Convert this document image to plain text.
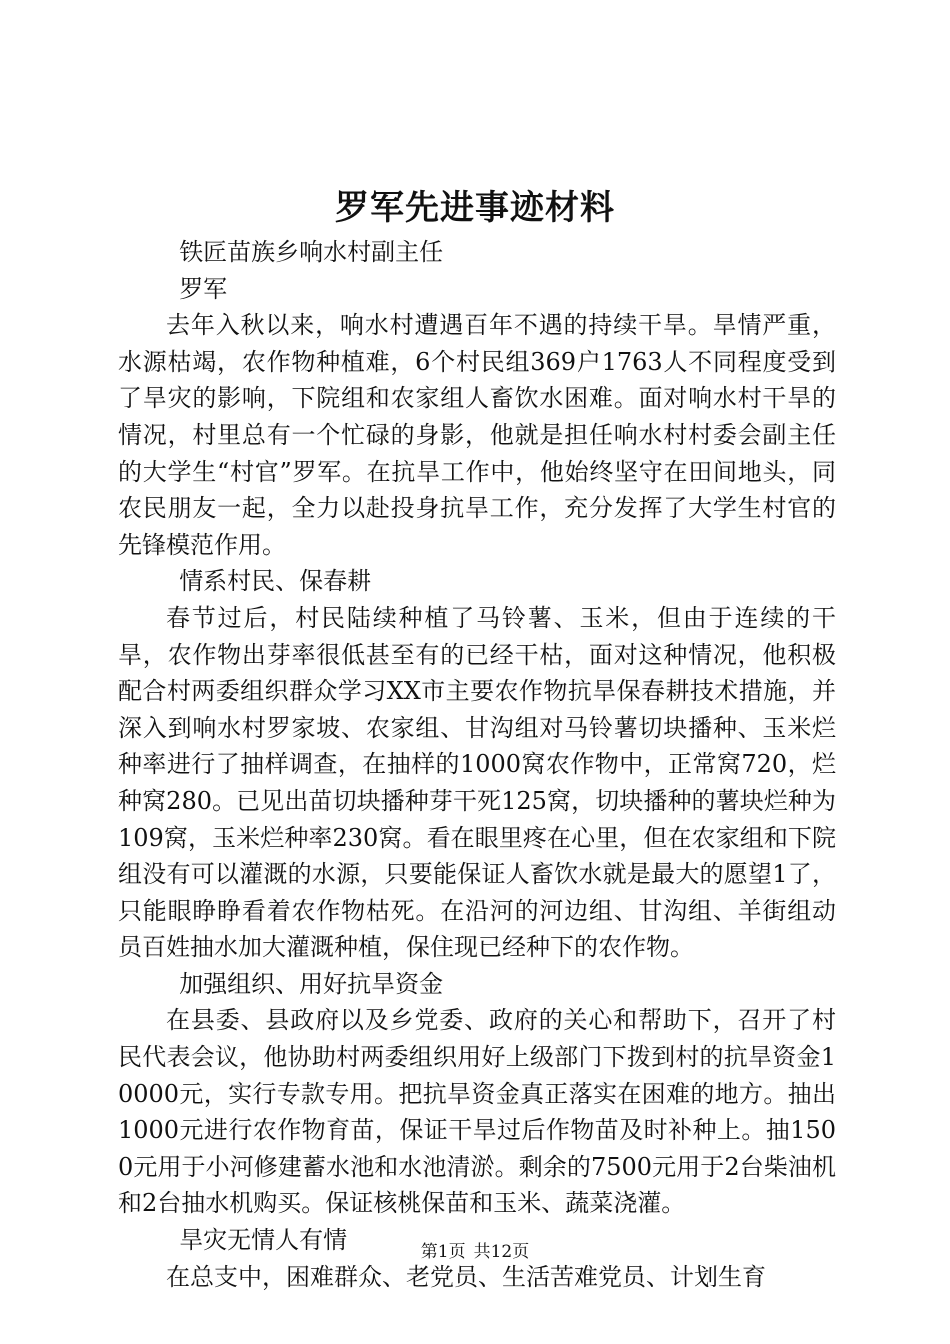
罗军先进事迹材料

铁匠苗族乡响水村副主任

罗军

去年入秋以来，响水村遭遇百年不遇的持续干旱。旱情严重，水源枯竭，农作物种植难，6个村民组369户1763人不同程度受到了旱灾的影响，下院组和农家组人畜饮水困难。面对响水村干旱的情况，村里总有一个忙碌的身影，他就是担任响水村村委会副主任的大学生“村官”罗军。在抗旱工作中，他始终坚守在田间地头，同农民朋友一起，全力以赴投身抗旱工作，充分发挥了大学生村官的先锋模范作用。

情系村民、保春耕

春节过后，村民陆续种植了马铃薯、玉米，但由于连续的干旱，农作物出芽率很低甚至有的已经干枯，面对这种情况，他积极配合村两委组织群众学习XX市主要农作物抗旱保春耕技术措施，并深入到响水村罗家坡、农家组、甘沟组对马铃薯切块播种、玉米烂种率进行了抽样调查，在抽样的1000窝农作物中，正常窝720，烂种窝280。已见出苗切块播种芽干死125窝，切块播种的薯块烂种为109窝，玉米烂种率230窝。看在眼里疼在心里，但在农家组和下院组没有可以灌溉的水源，只要能保证人畜饮水就是最大的愿望1了，只能眼睁睁看着农作物枯死。在沿河的河边组、甘沟组、羊街组动员百姓抽水加大灌溉种植，保住现已经种下的农作物。

加强组织、用好抗旱资金

在县委、县政府以及乡党委、政府的关心和帮助下，召开了村民代表会议，他协助村两委组织用好上级部门下拨到村的抗旱资金10000元，实行专款专用。把抗旱资金真正落实在困难的地方。抽出1000元进行农作物育苗，保证干旱过后作物苗及时补种上。抽1500元用于小河修建蓄水池和水池清淤。剩余的7500元用于2台柴油机和2台抽水机购买。保证核桃保苗和玉米、蔬菜浇灌。

旱灾无情人有情

在总支中，困难群众、老党员、生活苦难党员、计划生育

第1页 共12页
